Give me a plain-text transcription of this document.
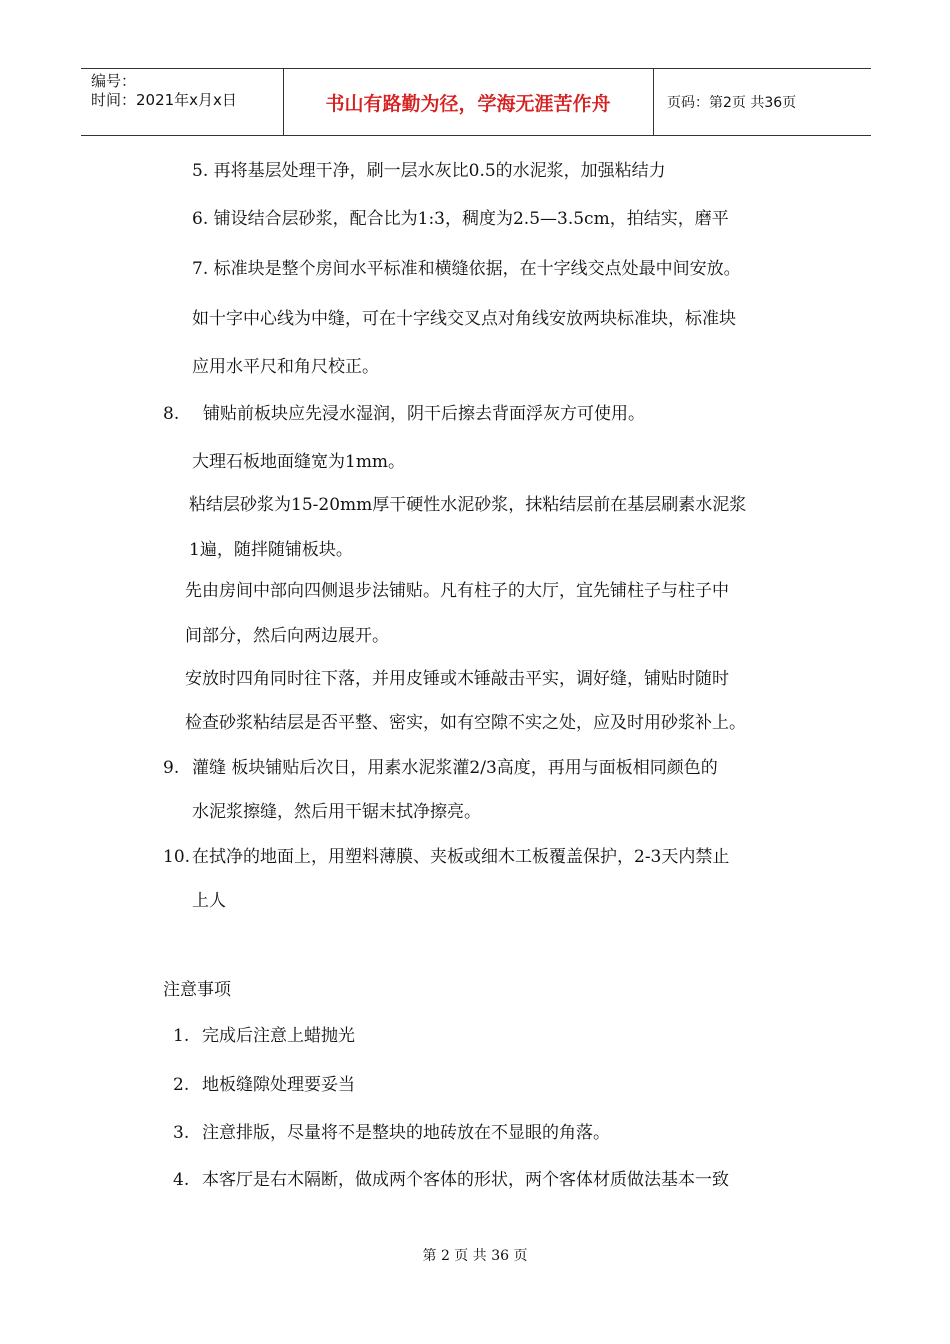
编号：
时间：2021年x月x日	书山有路勤为径，学海无涯苦作舟	页码：第2页 共36页
5. 再将基层处理干净，刷一层水灰比0.5的水泥浆，加强粘结力
6. 铺设结合层砂浆，配合比为1:3，稠度为2.5—3.5cm，拍结实，磨平
7. 标准块是整个房间水平标准和横缝依据，在十字线交点处最中间安放。
如十字中心线为中缝，可在十字线交叉点对角线安放两块标准块，标准块
应用水平尺和角尺校正。
8. 铺贴前板块应先浸水湿润，阴干后擦去背面浮灰方可使用。
大理石板地面缝宽为1mm。
粘结层砂浆为15-20mm厚干硬性水泥砂浆，抹粘结层前在基层刷素水泥浆
1遍，随拌随铺板块。
先由房间中部向四侧退步法铺贴。凡有柱子的大厅，宜先铺柱子与柱子中
间部分，然后向两边展开。
安放时四角同时往下落，并用皮锤或木锤敲击平实，调好缝，铺贴时随时
检查砂浆粘结层是否平整、密实，如有空隙不实之处，应及时用砂浆补上。
9. 灌缝 板块铺贴后次日，用素水泥浆灌2/3高度，再用与面板相同颜色的
水泥浆擦缝，然后用干锯末拭净擦亮。
10. 在拭净的地面上，用塑料薄膜、夹板或细木工板覆盖保护，2-3天内禁止
上人
注意事项
1. 完成后注意上蜡抛光
2. 地板缝隙处理要妥当
3. 注意排版，尽量将不是整块的地砖放在不显眼的角落。
4. 本客厅是右木隔断，做成两个客体的形状，两个客体材质做法基本一致
第 2 页 共 36 页
